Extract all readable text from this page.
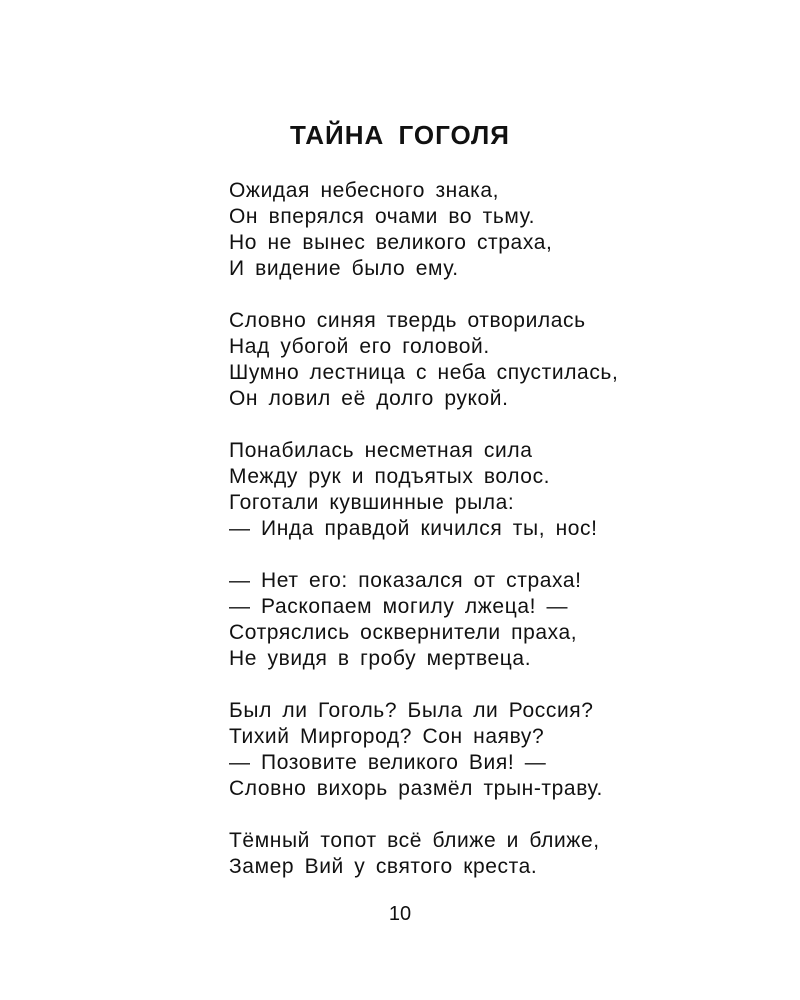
ТАЙНА ГОГОЛЯ
Ожидая небесного знака,
Он вперялся очами во тьму.
Но не вынес великого страха,
И видение было ему.
Словно синяя твердь отворилась
Над убогой его головой.
Шумно лестница с неба спустилась,
Он ловил её долго рукой.
Понабилась несметная сила
Между рук и подъятых волос.
Гоготали кувшинные рыла:
— Инда правдой кичился ты, нос!
— Нет его: показался от страха!
— Раскопаем могилу лжеца! —
Сотряслись осквернители праха,
Не увидя в гробу мертвеца.
Был ли Гоголь? Была ли Россия?
Тихий Миргород? Сон наяву?
— Позовите великого Вия! —
Словно вихорь размёл трын-траву.
Тёмный топот всё ближе и ближе,
Замер Вий у святого креста.
10
